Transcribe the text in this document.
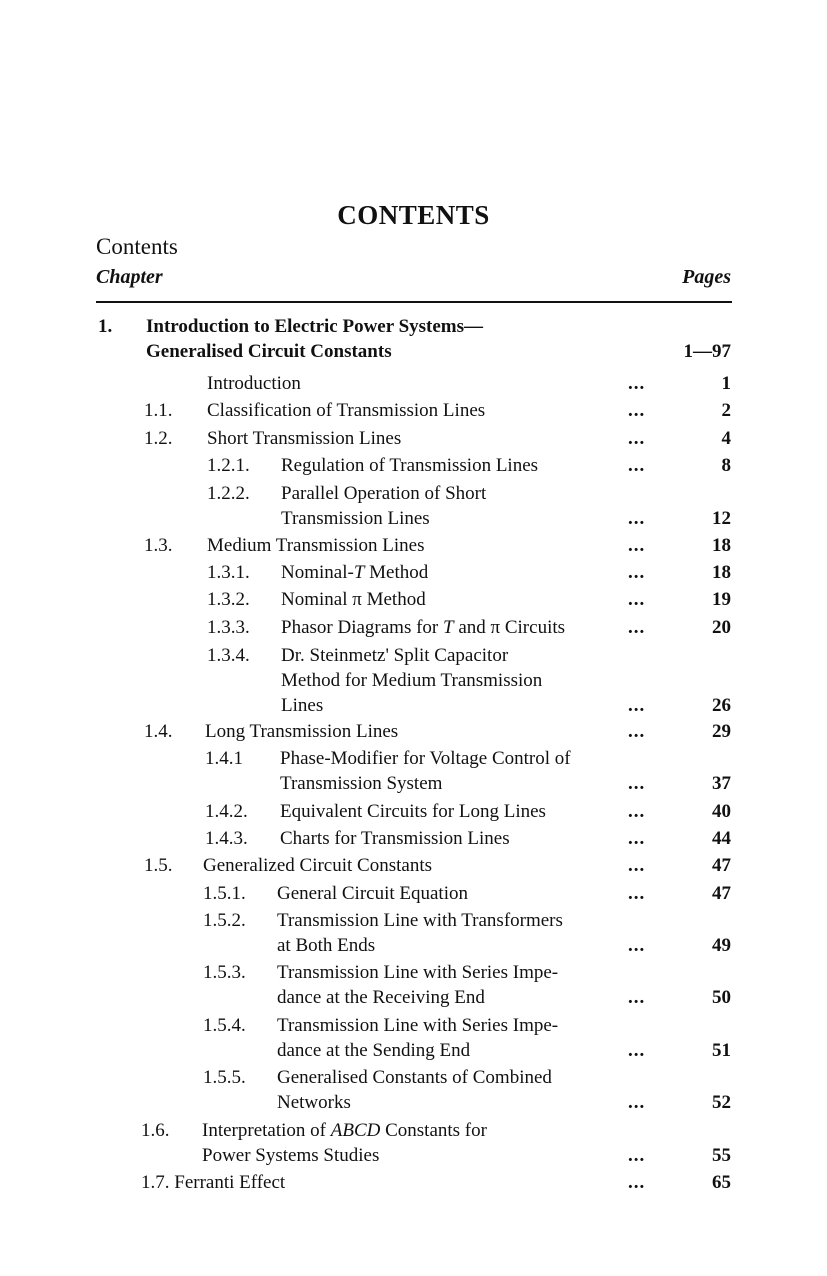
CONTENTS
Contents
Chapter	Pages
1. Introduction to Electric Power Systems—
Generalised Circuit Constants	1—97
Introduction	...	1
1.1. Classification of Transmission Lines	...	2
1.2. Short Transmission Lines	...	4
1.2.1. Regulation of Transmission Lines	...	8
1.2.2. Parallel Operation of Short
Transmission Lines	...	12
1.3. Medium Transmission Lines	...	18
1.3.1. Nominal-T Method	...	18
1.3.2. Nominal π Method	...	19
1.3.3. Phasor Diagrams for T and π Circuits	...	20
1.3.4. Dr. Steinmetz' Split Capacitor
Method for Medium Transmission
Lines	...	26
1.4. Long Transmission Lines	...	29
1.4.1 Phase-Modifier for Voltage Control of
Transmission System	...	37
1.4.2. Equivalent Circuits for Long Lines	...	40
1.4.3. Charts for Transmission Lines	...	44
1.5. Generalized Circuit Constants	...	47
1.5.1. General Circuit Equation	...	47
1.5.2. Transmission Line with Transformers
at Both Ends	...	49
1.5.3. Transmission Line with Series Impe-
dance at the Receiving End	...	50
1.5.4. Transmission Line with Series Impe-
dance at the Sending End	...	51
1.5.5. Generalised Constants of Combined
Networks	...	52
1.6. Interpretation of ABCD Constants for
Power Systems Studies	...	55
1.7. Ferranti Effect	...	65
